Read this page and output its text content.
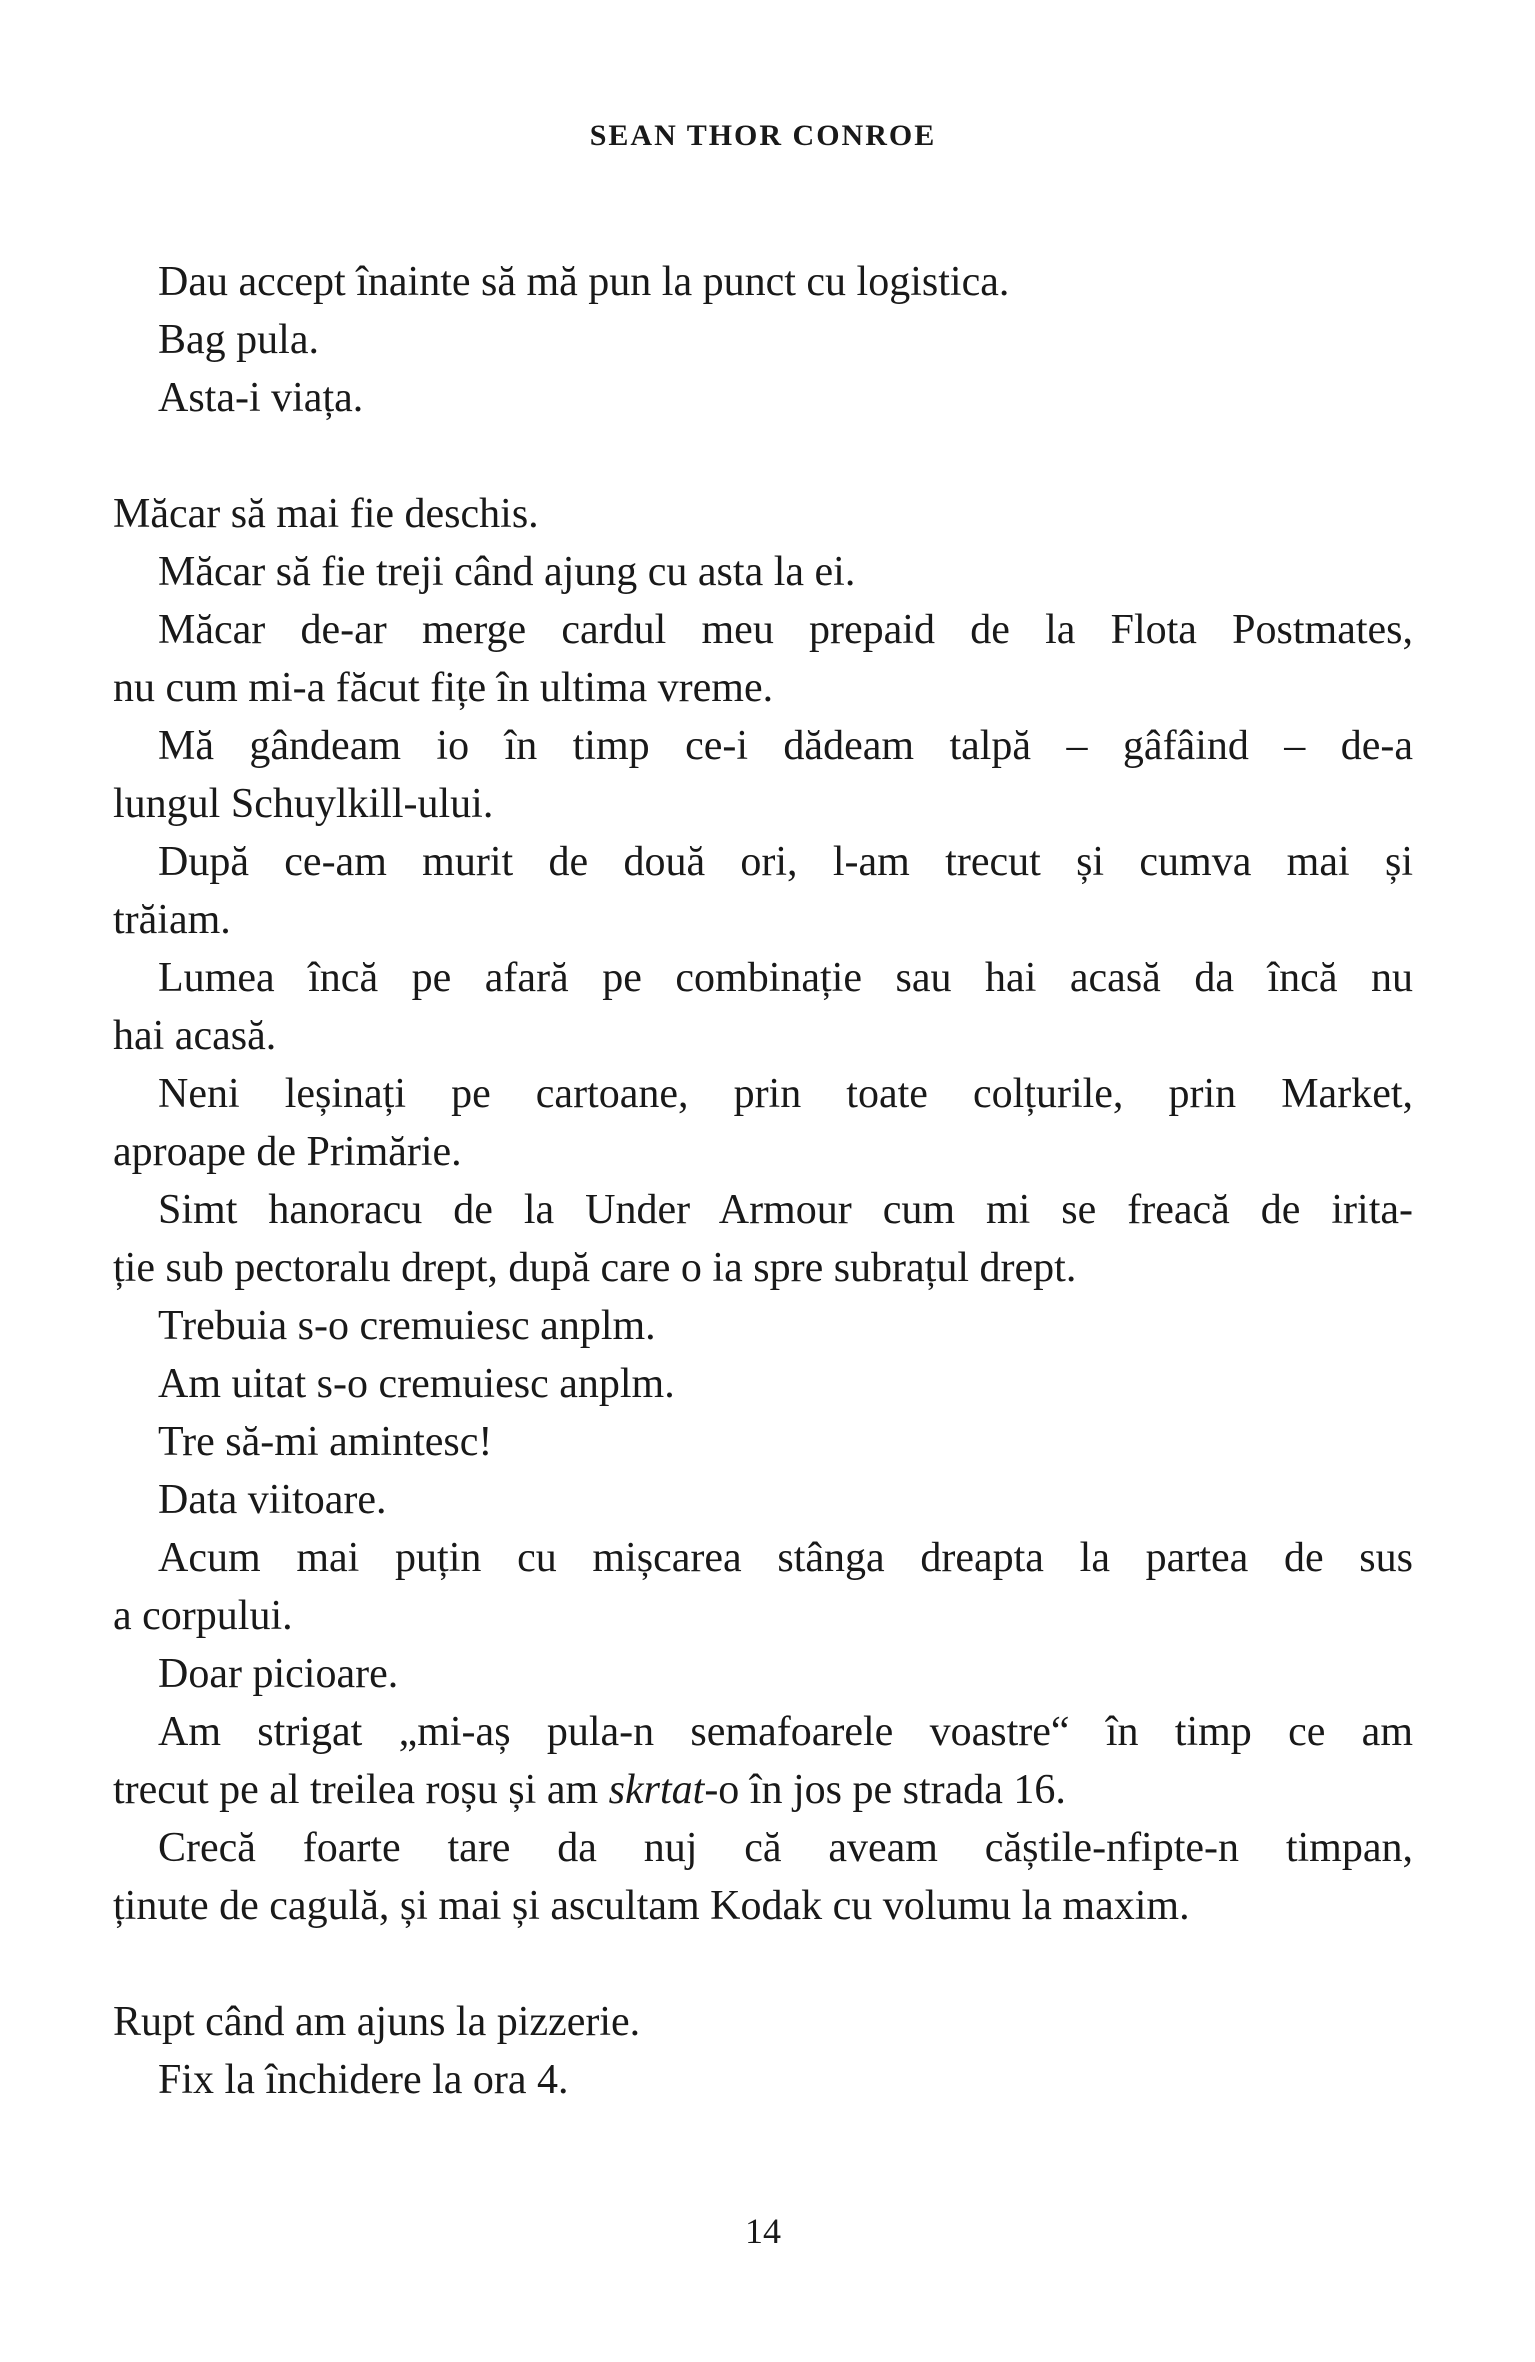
SEAN THOR CONROE
Dau accept înainte să mă pun la punct cu logistica.
Bag pula.
Asta-i viața.
Măcar să mai fie deschis.
Măcar să fie treji când ajung cu asta la ei.
Măcar de-ar merge cardul meu prepaid de la Flota Postmates,
nu cum mi-a făcut fițe în ultima vreme.
Mă gândeam io în timp ce-i dădeam talpă – gâfâind – de-a
lungul Schuylkill-ului.
După ce-am murit de două ori, l-am trecut și cumva mai și
trăiam.
Lumea încă pe afară pe combinație sau hai acasă da încă nu
hai acasă.
Neni leșinați pe cartoane, prin toate colțurile, prin Market,
aproape de Primărie.
Simt hanoracu de la Under Armour cum mi se freacă de irita-
ție sub pectoralu drept, după care o ia spre subrațul drept.
Trebuia s-o cremuiesc anplm.
Am uitat s-o cremuiesc anplm.
Tre să-mi amintesc!
Data viitoare.
Acum mai puțin cu mișcarea stânga dreapta la partea de sus
a corpului.
Doar picioare.
Am strigat „mi-aș pula-n semafoarele voastre“ în timp ce am
trecut pe al treilea roșu și am skrtat-o în jos pe strada 16.
Crecă foarte tare da nuj că aveam căștile-nfipte-n timpan,
ținute de cagulă, și mai și ascultam Kodak cu volumu la maxim.
Rupt când am ajuns la pizzerie.
Fix la închidere la ora 4.
14
